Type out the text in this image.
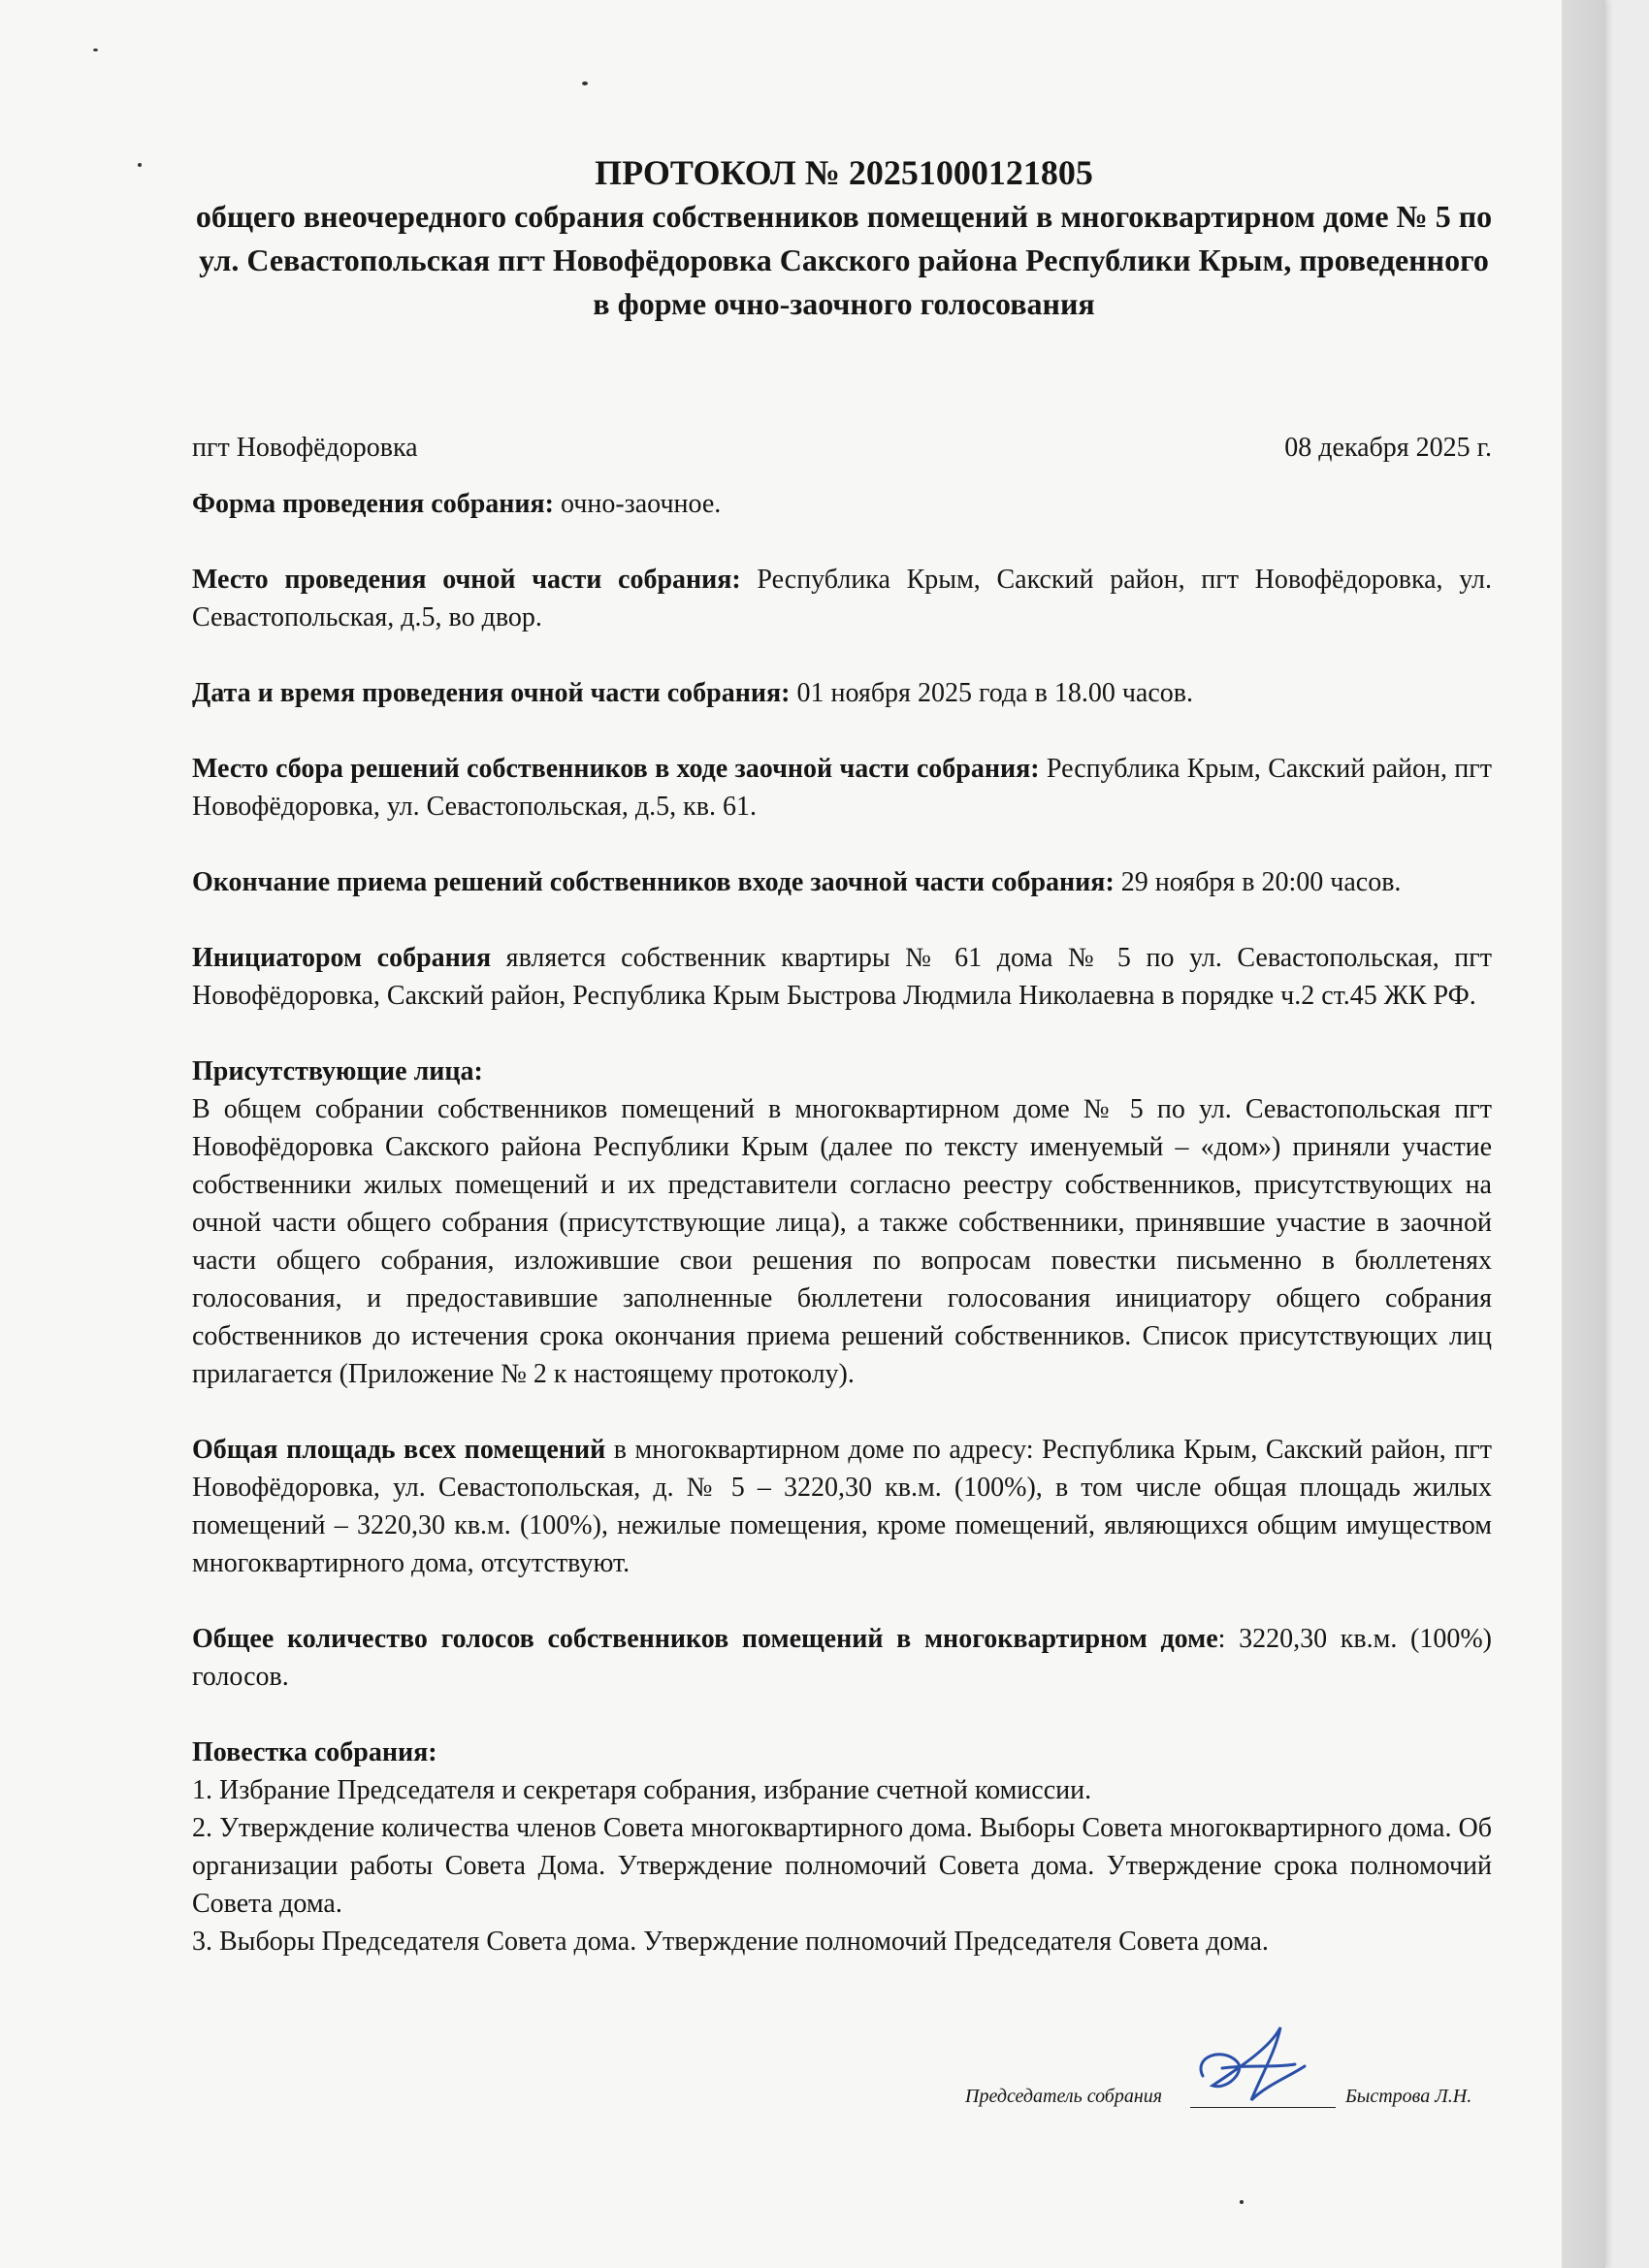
ПРОТОКОЛ № 20251000121805
общего внеочередного собрания собственников помещений в многоквартирном доме № 5 по ул. Севастопольская пгт Новофёдоровка Сакского района Республики Крым, проведенного в форме очно-заочного голосования
пгт Новофёдоровка	08 декабря 2025 г.

Форма проведения собрания: очно-заочное.

Место проведения очной части собрания: Республика Крым, Сакский район, пгт Новофёдоровка, ул. Севастопольская, д.5, во двор.

Дата и время проведения очной части собрания: 01 ноября 2025 года в 18.00 часов.

Место сбора решений собственников в ходе заочной части собрания: Республика Крым, Сакский район, пгт Новофёдоровка, ул. Севастопольская, д.5, кв. 61.

Окончание приема решений собственников входе заочной части собрания: 29 ноября в 20:00 часов.

Инициатором собрания является собственник квартиры № 61 дома № 5 по ул. Севастопольская, пгт Новофёдоровка, Сакский район, Республика Крым Быстрова Людмила Николаевна в порядке ч.2 ст.45 ЖК РФ.

Присутствующие лица:
В общем собрании собственников помещений в многоквартирном доме № 5 по ул. Севастопольская пгт Новофёдоровка Сакского района Республики Крым (далее по тексту именуемый – «дом») приняли участие собственники жилых помещений и их представители согласно реестру собственников, присутствующих на очной части общего собрания (присутствующие лица), а также собственники, принявшие участие в заочной части общего собрания, изложившие свои решения по вопросам повестки письменно в бюллетенях голосования, и предоставившие заполненные бюллетени голосования инициатору общего собрания собственников до истечения срока окончания приема решений собственников. Список присутствующих лиц прилагается (Приложение № 2 к настоящему протоколу).

Общая площадь всех помещений в многоквартирном доме по адресу: Республика Крым, Сакский район, пгт Новофёдоровка, ул. Севастопольская, д. № 5 – 3220,30 кв.м. (100%), в том числе общая площадь жилых помещений – 3220,30 кв.м. (100%), нежилые помещения, кроме помещений, являющихся общим имуществом многоквартирного дома, отсутствуют.

Общее количество голосов собственников помещений в многоквартирном доме: 3220,30 кв.м. (100%) голосов.

Повестка собрания:

1. Избрание Председателя и секретаря собрания, избрание счетной комиссии.
2. Утверждение количества членов Совета многоквартирного дома. Выборы Совета многоквартирного дома. Об организации работы Совета Дома. Утверждение полномочий Совета дома. Утверждение срока полномочий Совета дома.
3. Выборы Председателя Совета дома. Утверждение полномочий Председателя Совета дома.
Председатель собрания	Быстрова Л.Н.
